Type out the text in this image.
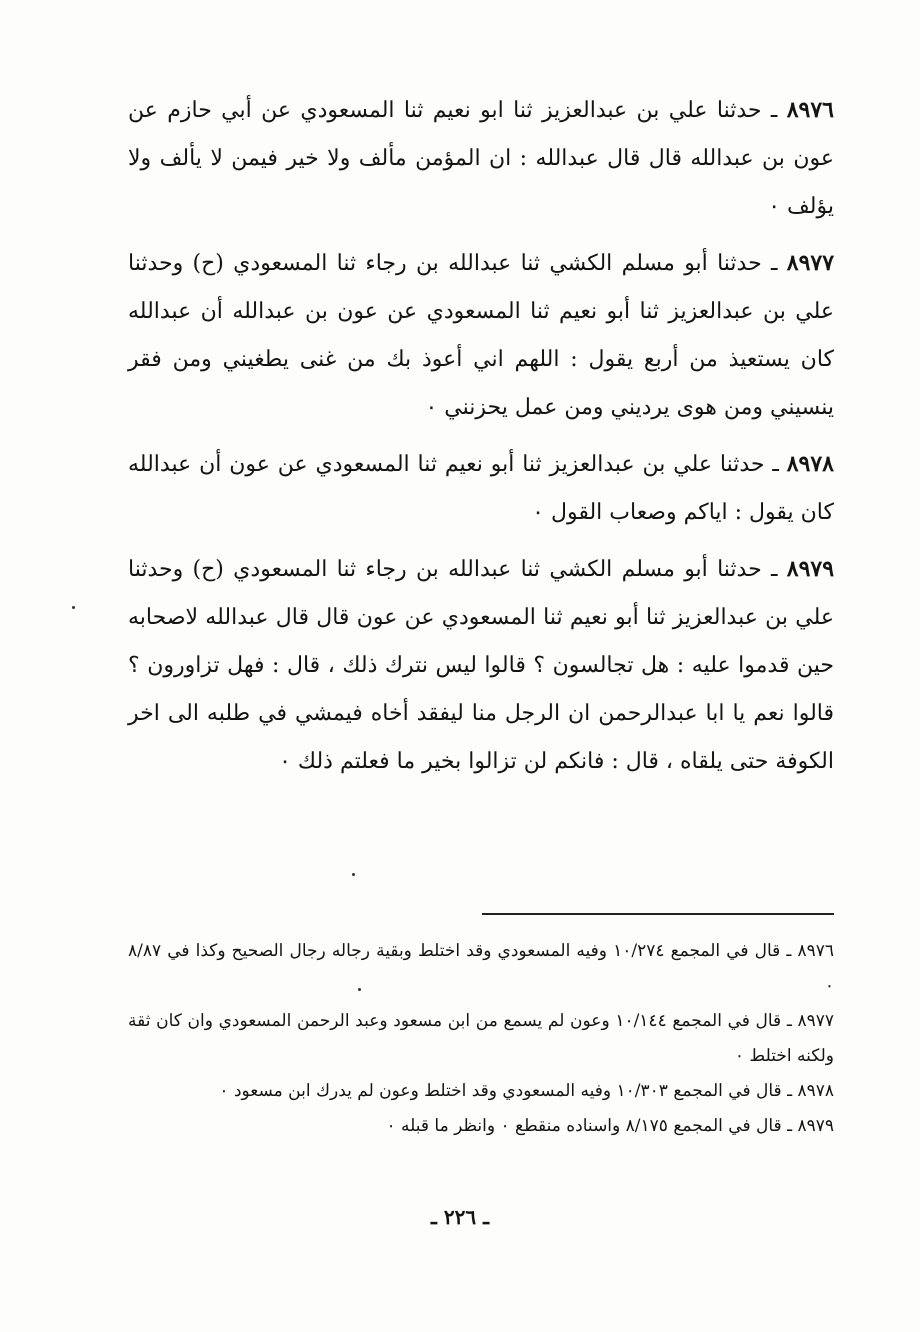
٨٩٧٦ ـ حدثنا علي بن عبدالعزيز ثنا ابو نعيم ثنا المسعودي عن أبي حازم عن عون بن عبدالله قال قال عبدالله : ان المؤمن مألف ولا خير فيمن لا يألف ولا يؤلف ٠

٨٩٧٧ ـ حدثنا أبو مسلم الكشي ثنا عبدالله بن رجاء ثنا المسعودي (ح) وحدثنا علي بن عبدالعزيز ثنا أبو نعيم ثنا المسعودي عن عون بن عبدالله أن عبدالله كان يستعيذ من أربع يقول : اللهم اني أعوذ بك من غنى يطغيني ومن فقر ينسيني ومن هوى يرديني ومن عمل يحزنني ٠

٨٩٧٨ ـ حدثنا علي بن عبدالعزيز ثنا أبو نعيم ثنا المسعودي عن عون أن عبدالله كان يقول : اياكم وصعاب القول ٠

٨٩٧٩ ـ حدثنا أبو مسلم الكشي ثنا عبدالله بن رجاء ثنا المسعودي (ح) وحدثنا علي بن عبدالعزيز ثنا أبو نعيم ثنا المسعودي عن عون قال قال عبدالله لاصحابه حين قدموا عليه : هل تجالسون ؟ قالوا ليس نترك ذلك ، قال : فهل تزاورون ؟ قالوا نعم يا ابا عبدالرحمن ان الرجل منا ليفقد أخاه فيمشي في طلبه الى اخر الكوفة حتى يلقاه ، قال : فانكم لن تزالوا بخير ما فعلتم ذلك ٠

٨٩٧٦ ـ قال في المجمع ١٠/٢٧٤ وفيه المسعودي وقد اختلط وبقية رجاله رجال الصحيح وكذا في ٨/٨٧ ٠

٨٩٧٧ ـ قال في المجمع ١٠/١٤٤ وعون لم يسمع من ابن مسعود وعبد الرحمن المسعودي وان كان ثقة ولكنه اختلط ٠

٨٩٧٨ ـ قال في المجمع ١٠/٣٠٣ وفيه المسعودي وقد اختلط وعون لم يدرك ابن مسعود ٠

٨٩٧٩ ـ قال في المجمع ٨/١٧٥ واسناده منقطع ٠ وانظر ما قبله ٠

ـ ٢٢٦ ـ
